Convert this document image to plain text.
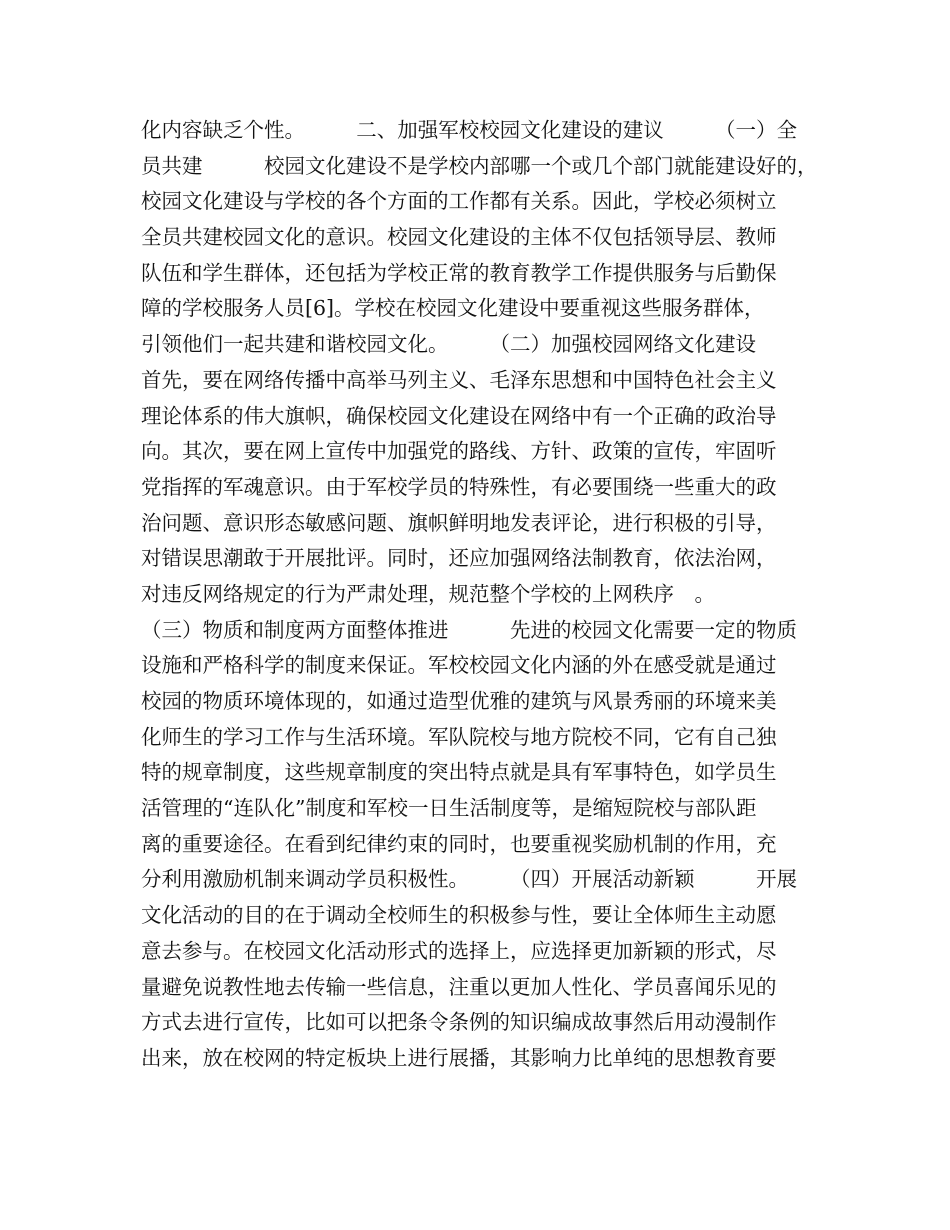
化内容缺乏个性。　　　二、加强军校校园文化建设的建议　　　（一）全
员共建　　　校园文化建设不是学校内部哪一个或几个部门就能建设好的，
校园文化建设与学校的各个方面的工作都有关系。因此，学校必须树立
全员共建校园文化的意识。校园文化建设的主体不仅包括领导层、教师
队伍和学生群体，还包括为学校正常的教育教学工作提供服务与后勤保
障的学校服务人员[6]。学校在校园文化建设中要重视这些服务群体，
引领他们一起共建和谐校园文化。　　　（二）加强校园网络文化建设
首先，要在网络传播中高举马列主义、毛泽东思想和中国特色社会主义
理论体系的伟大旗帜，确保校园文化建设在网络中有一个正确的政治导
向。其次，要在网上宣传中加强党的路线、方针、政策的宣传，牢固听
党指挥的军魂意识。由于军校学员的特殊性，有必要围绕一些重大的政
治问题、意识形态敏感问题、旗帜鲜明地发表评论，进行积极的引导，
对错误思潮敢于开展批评。同时，还应加强网络法制教育，依法治网，
对违反网络规定的行为严肃处理，规范整个学校的上网秩序　。
（三）物质和制度两方面整体推进　　　先进的校园文化需要一定的物质
设施和严格科学的制度来保证。军校校园文化内涵的外在感受就是通过
校园的物质环境体现的，如通过造型优雅的建筑与风景秀丽的环境来美
化师生的学习工作与生活环境。军队院校与地方院校不同，它有自己独
特的规章制度，这些规章制度的突出特点就是具有军事特色，如学员生
活管理的“连队化”制度和军校一日生活制度等，是缩短院校与部队距
离的重要途径。在看到纪律约束的同时，也要重视奖励机制的作用，充
分利用激励机制来调动学员积极性。　　　（四）开展活动新颖　　　开展
文化活动的目的在于调动全校师生的积极参与性，要让全体师生主动愿
意去参与。在校园文化活动形式的选择上，应选择更加新颖的形式，尽
量避免说教性地去传输一些信息，注重以更加人性化、学员喜闻乐见的
方式去进行宣传，比如可以把条令条例的知识编成故事然后用动漫制作
出来，放在校网的特定板块上进行展播，其影响力比单纯的思想教育要
